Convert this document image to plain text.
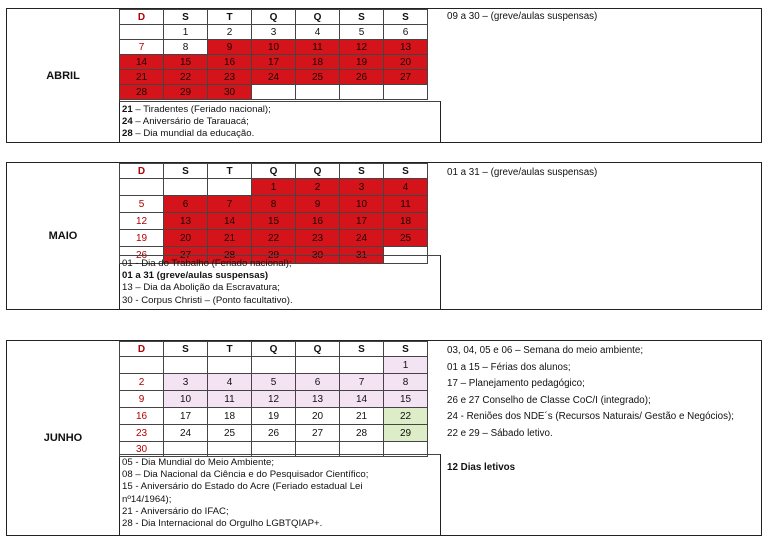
ABRIL
D	S	T	Q	Q	S	S
	1	2	3	4	5	6
7	8	9	10	11	12	13
14	15	16	17	18	19	20
21	22	23	24	25	26	27
28	29	30				
21 – Tiradentes (Feriado nacional);
24 – Aniversário de Tarauacá;
28 – Dia mundial da educação.
09 a 30 – (greve/aulas suspensas)
MAIO
D	S	T	Q	Q	S	S
			1	2	3	4
5	6	7	8	9	10	11
12	13	14	15	16	17	18
19	20	21	22	23	24	25
26	27	28	29	30	31	
01 - Dia do Trabalho (Feriado nacional);
01 a 31 (greve/aulas suspensas)
13 – Dia da Abolição da Escravatura;
30 - Corpus Christi – (Ponto facultativo).
01 a 31 – (greve/aulas suspensas)
JUNHO
D	S	T	Q	Q	S	S
						1
2	3	4	5	6	7	8
9	10	11	12	13	14	15
16	17	18	19	20	21	22
23	24	25	26	27	28	29
30						
05 - Dia Mundial do Meio Ambiente;
08 – Dia Nacional da Ciência e do Pesquisador Científico;
15 - Aniversário do Estado do Acre (Feriado estadual Lei nº14/1964);
21 - Aniversário do IFAC;
28 - Dia Internacional do Orgulho LGBTQIAP+.
03, 04, 05 e 06 – Semana do meio ambiente;
01 a 15 – Férias dos alunos;
17 – Planejamento pedagógico;
26 e 27 Conselho de Classe CoC/I (integrado);
24 - Reniões dos NDE´s (Recursos Naturais/ Gestão e Negócios);
22 e 29 – Sábado letivo.
12 Dias letivos
